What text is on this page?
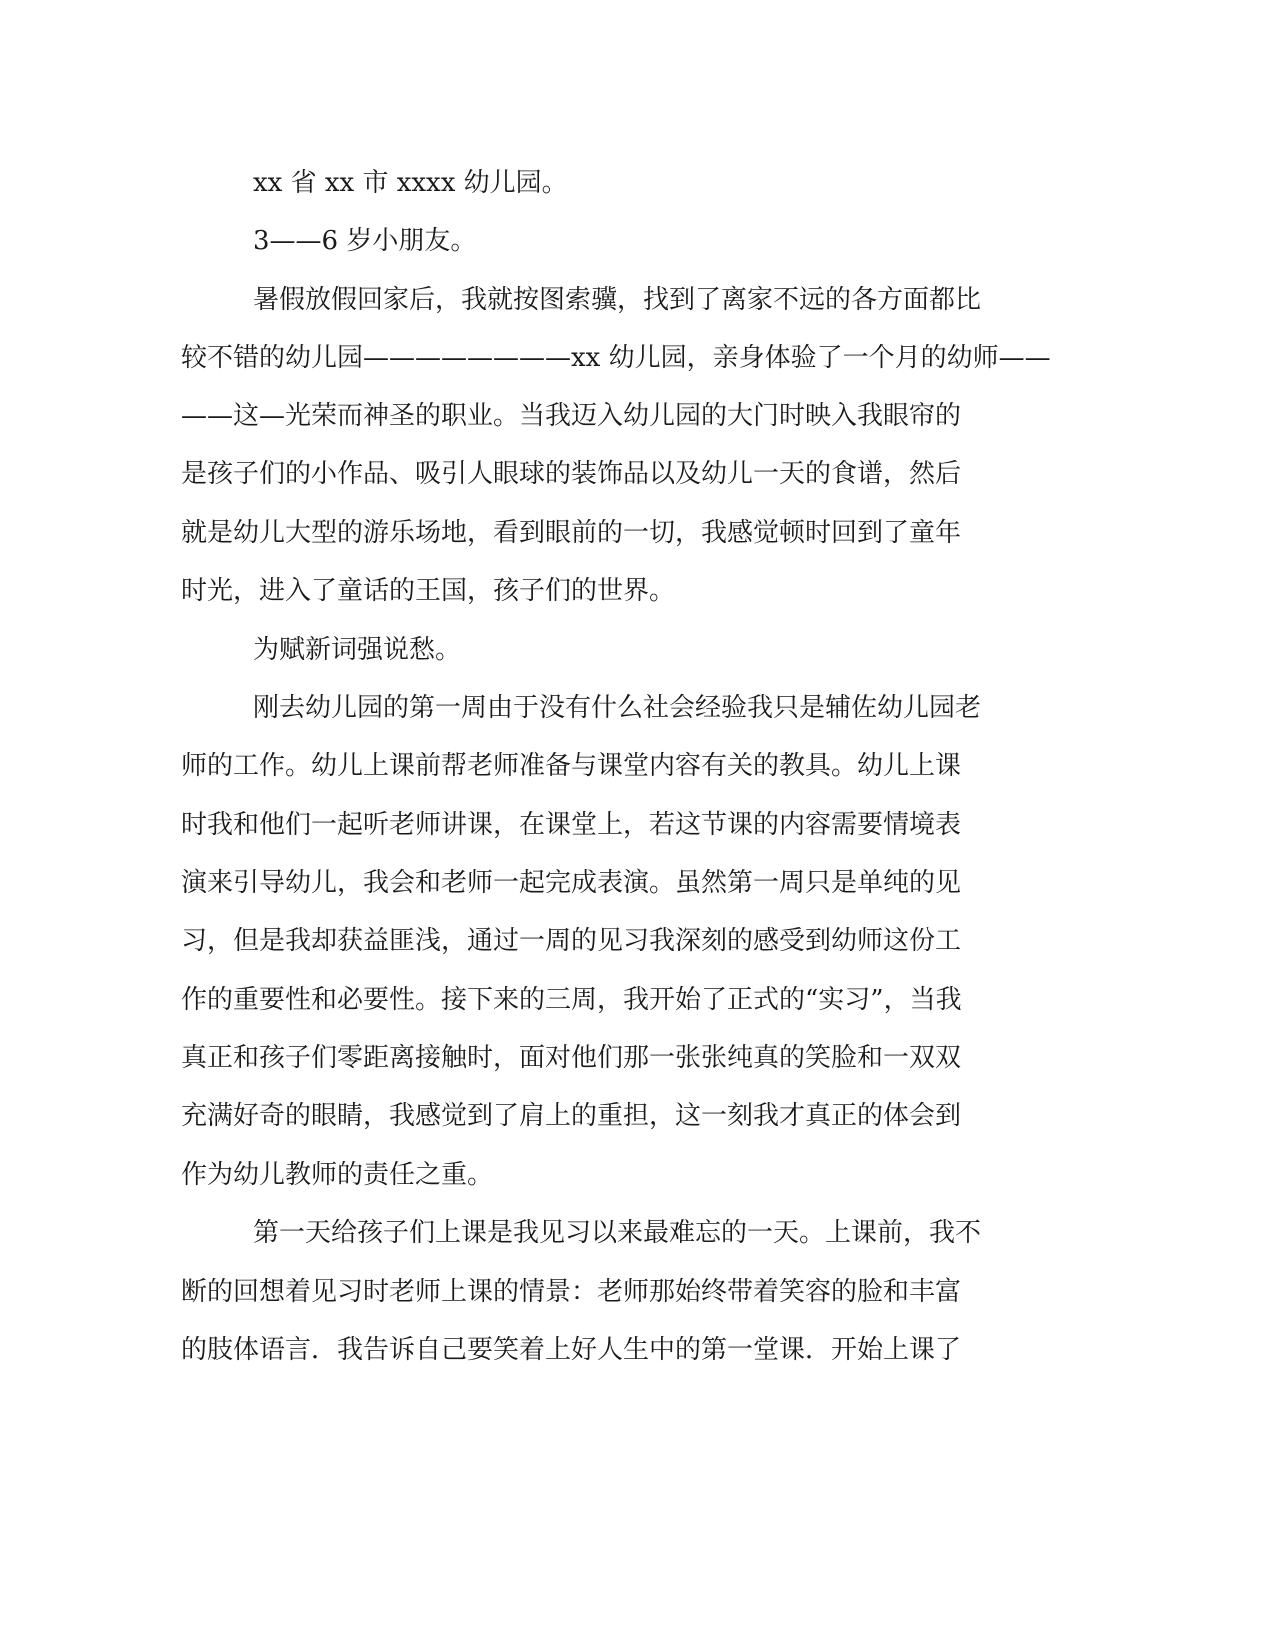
xx 省 xx 市 xxxx 幼儿园。
3——6 岁小朋友。
暑假放假回家后，我就按图索骥，找到了离家不远的各方面都比
较不错的幼儿园————————xx 幼儿园，亲身体验了一个月的幼师——
——这—光荣而神圣的职业。当我迈入幼儿园的大门时映入我眼帘的
是孩子们的小作品、吸引人眼球的装饰品以及幼儿一天的食谱，然后
就是幼儿大型的游乐场地，看到眼前的一切，我感觉顿时回到了童年
时光，进入了童话的王国，孩子们的世界。
为赋新词强说愁。
刚去幼儿园的第一周由于没有什么社会经验我只是辅佐幼儿园老
师的工作。幼儿上课前帮老师准备与课堂内容有关的教具。幼儿上课
时我和他们一起听老师讲课，在课堂上，若这节课的内容需要情境表
演来引导幼儿，我会和老师一起完成表演。虽然第一周只是单纯的见
习，但是我却获益匪浅，通过一周的见习我深刻的感受到幼师这份工
作的重要性和必要性。接下来的三周，我开始了正式的“实习”，当我
真正和孩子们零距离接触时，面对他们那一张张纯真的笑脸和一双双
充满好奇的眼睛，我感觉到了肩上的重担，这一刻我才真正的体会到
作为幼儿教师的责任之重。
第一天给孩子们上课是我见习以来最难忘的一天。上课前，我不
断的回想着见习时老师上课的情景：老师那始终带着笑容的脸和丰富
的肢体语言．我告诉自己要笑着上好人生中的第一堂课．开始上课了
